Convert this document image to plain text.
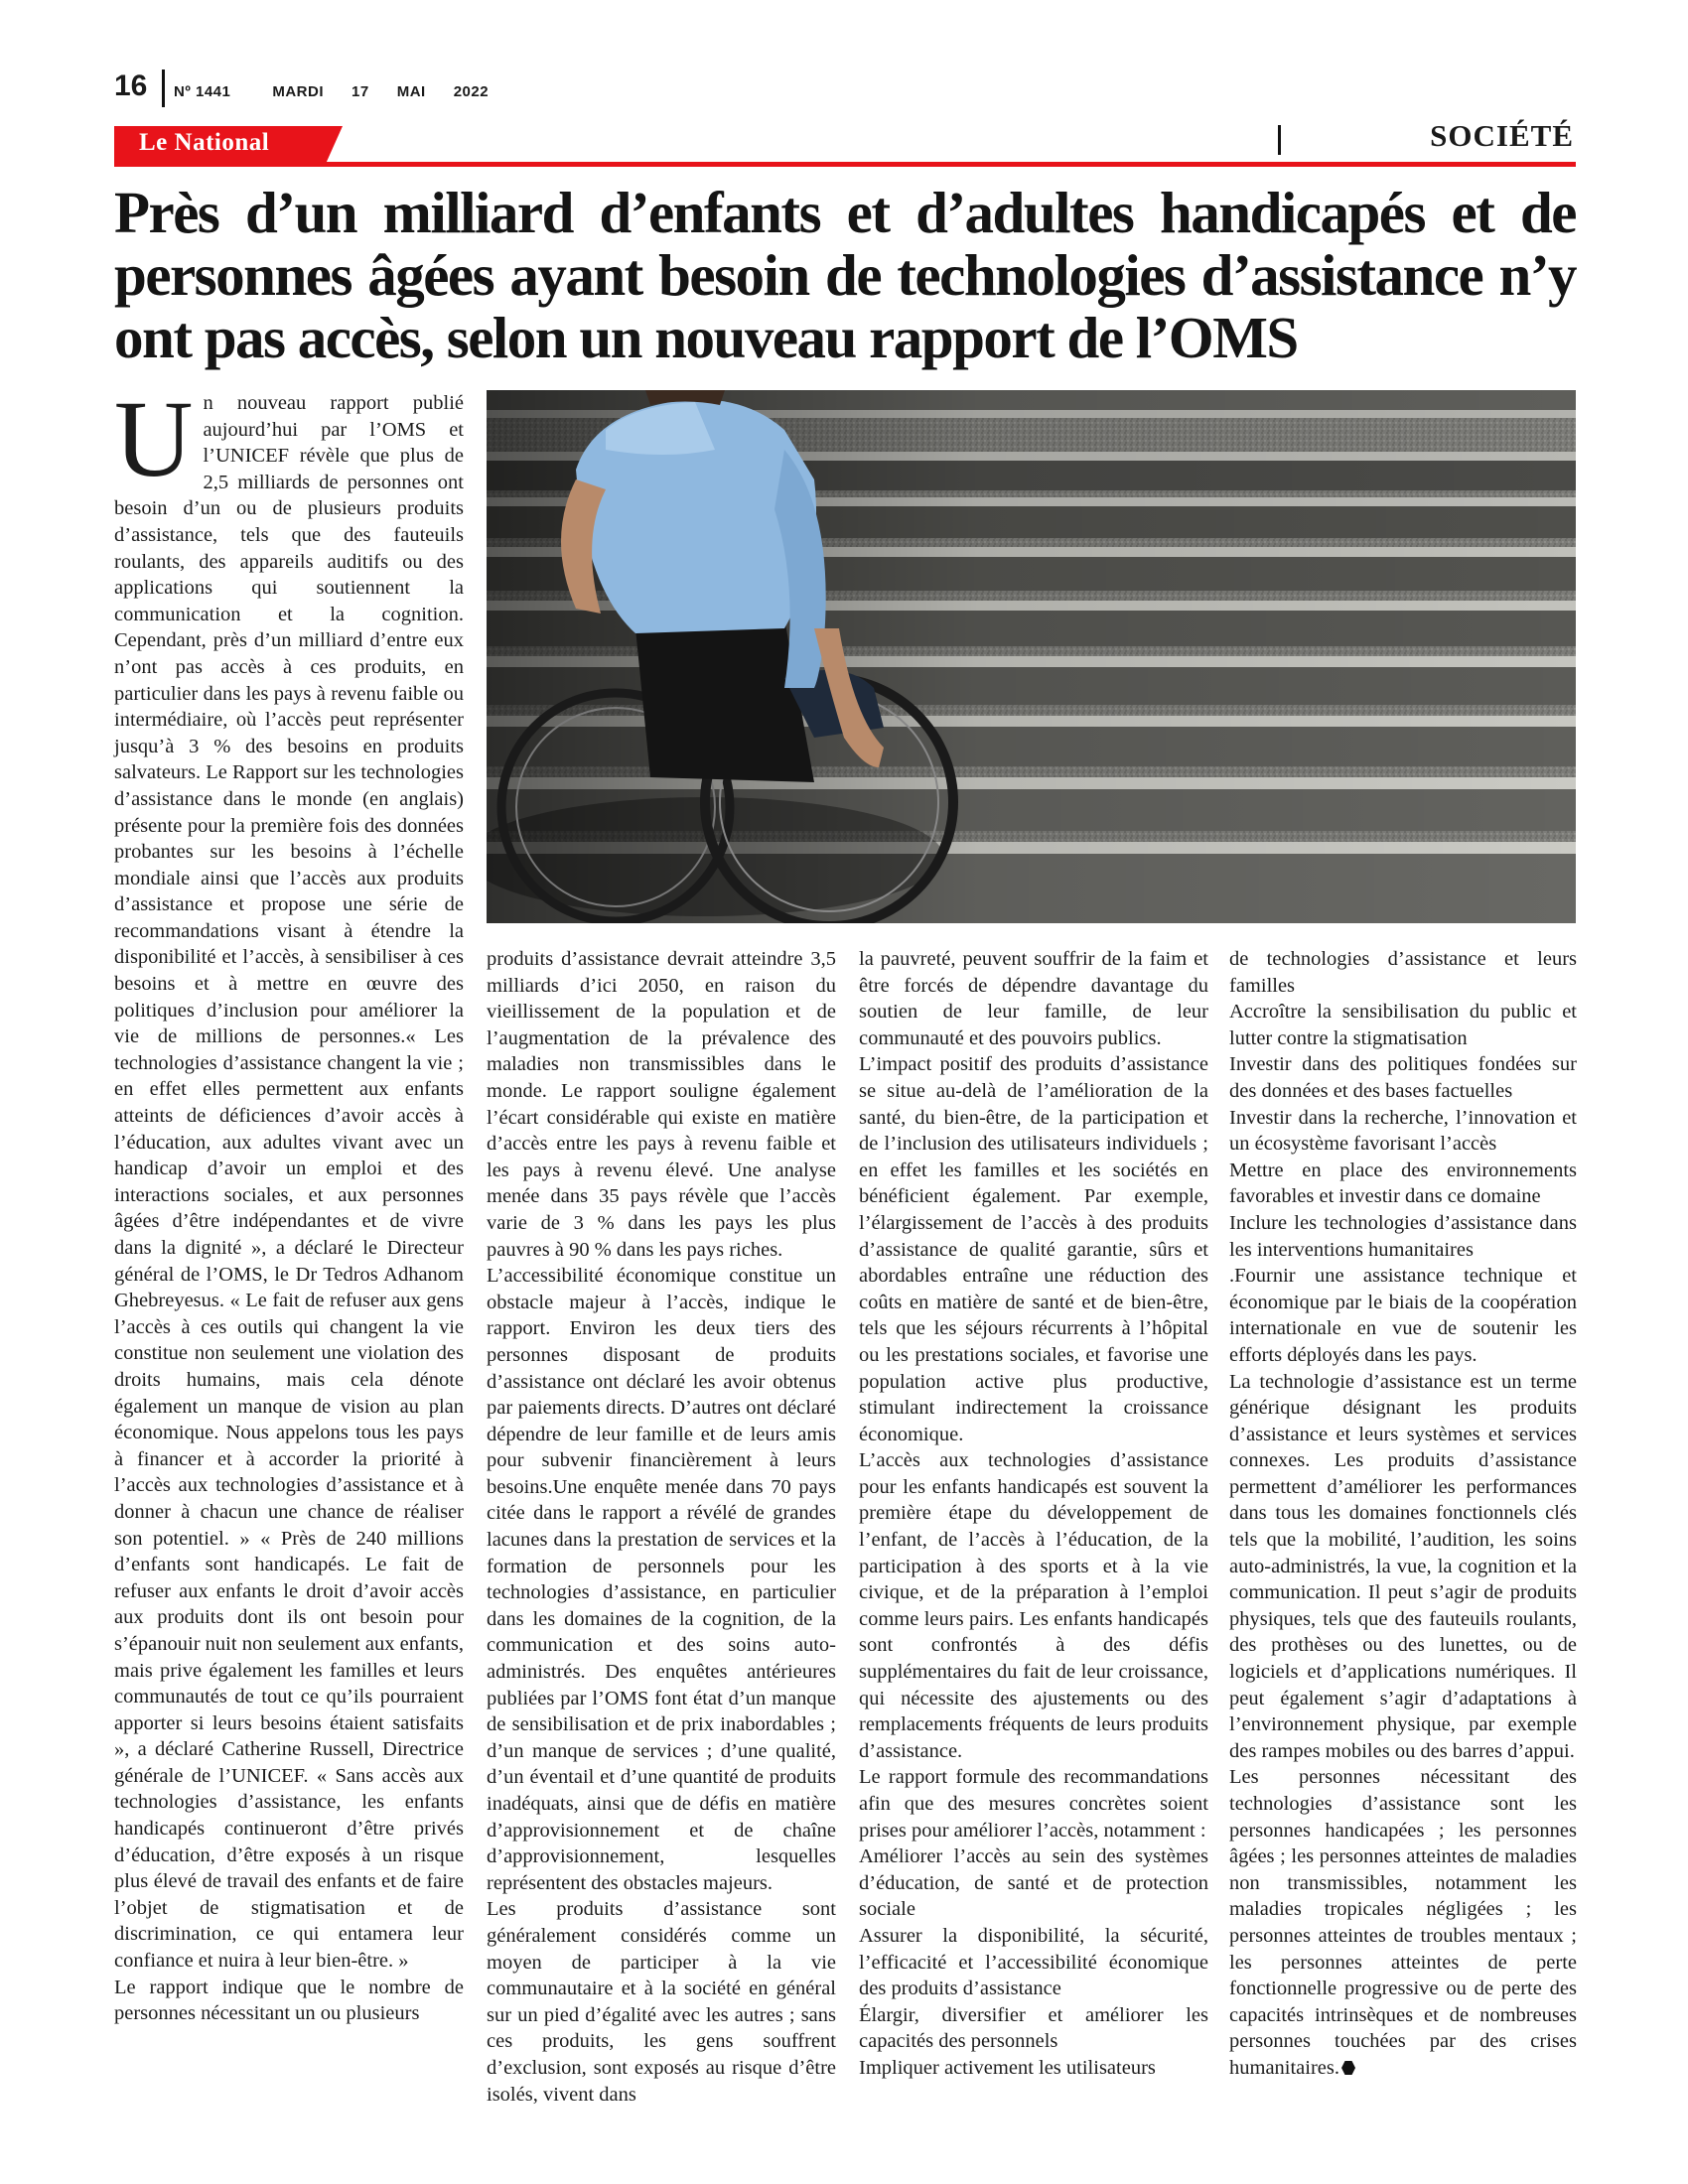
16 Nº 1441	MARDI 17 MAI 2022
Le National	SOCIÉTÉ
Près d’un milliard d’enfants et d’adultes handicapés et de personnes âgées ayant besoin de technologies d’assistance n’y ont pas accès, selon un nouveau rapport de l’OMS
U n nouveau rapport publié aujourd’hui par l’OMS et l’UNICEF révèle que plus de 2,5 milliards de personnes ont besoin d’un ou de plusieurs produits d’assistance, tels que des fauteuils roulants, des appareils auditifs ou des applications qui soutiennent la communication et la cognition. Cependant, près d’un milliard d’entre eux n’ont pas accès à ces produits, en particulier dans les pays à revenu faible ou intermédiaire, où l’accès peut représenter jusqu’à 3 % des besoins en produits salvateurs. Le Rapport sur les technologies d’assistance dans le monde (en anglais) présente pour la première fois des données probantes sur les besoins à l’échelle mondiale ainsi que l’accès aux produits d’assistance et propose une série de recommandations visant à étendre la disponibilité et l’accès, à sensibiliser à ces besoins et à mettre en œuvre des politiques d’inclusion pour améliorer la vie de millions de personnes.« Les technologies d’assistance changent la vie ; en effet elles permettent aux enfants atteints de déficiences d’avoir accès à l’éducation, aux adultes vivant avec un handicap d’avoir un emploi et des interactions sociales, et aux personnes âgées d’être indépendantes et de vivre dans la dignité », a déclaré le Directeur général de l’OMS, le Dr Tedros Adhanom Ghebreyesus. « Le fait de refuser aux gens l’accès à ces outils qui changent la vie constitue non seulement une violation des droits humains, mais cela dénote également un manque de vision au plan économique. Nous appelons tous les pays à financer et à accorder la priorité à l’accès aux technologies d’assistance et à donner à chacun une chance de réaliser son potentiel. » « Près de 240 millions d’enfants sont handicapés. Le fait de refuser aux enfants le droit d’avoir accès aux produits dont ils ont besoin pour s’épanouir nuit non seulement aux enfants, mais prive également les familles et leurs communautés de tout ce qu’ils pourraient apporter si leurs besoins étaient satisfaits », a déclaré Catherine Russell, Directrice générale de l’UNICEF. « Sans accès aux technologies d’assistance, les enfants handicapés continueront d’être privés d’éducation, d’être exposés à un risque plus élevé de travail des enfants et de faire l’objet de stigmatisation et de discrimination, ce qui entamera leur confiance et nuira à leur bien-être. »

Le rapport indique que le nombre de personnes nécessitant un ou plusieurs

produits d’assistance devrait atteindre 3,5 milliards d’ici 2050, en raison du vieillissement de la population et de l’augmentation de la prévalence des maladies non transmissibles dans le monde. Le rapport souligne également l’écart considérable qui existe en matière d’accès entre les pays à revenu faible et les pays à revenu élevé. Une analyse menée dans 35 pays révèle que l’accès varie de 3 % dans les pays les plus pauvres à 90 % dans les pays riches.

L’accessibilité économique constitue un obstacle majeur à l’accès, indique le rapport. Environ les deux tiers des personnes disposant de produits d’assistance ont déclaré les avoir obtenus par paiements directs. D’autres ont déclaré dépendre de leur famille et de leurs amis pour subvenir financièrement à leurs besoins.Une enquête menée dans 70 pays citée dans le rapport a révélé de grandes lacunes dans la prestation de services et la formation de personnels pour les technologies d’assistance, en particulier dans les domaines de la cognition, de la communication et des soins auto-administrés. Des enquêtes antérieures publiées par l’OMS font état d’un manque de sensibilisation et de prix inabordables ; d’un manque de services ; d’une qualité, d’un éventail et d’une quantité de produits inadéquats, ainsi que de défis en matière d’approvisionnement et de chaîne d’approvisionnement, lesquelles représentent des obstacles majeurs.

Les produits d’assistance sont généralement considérés comme un moyen de participer à la vie communautaire et à la société en général sur un pied d’égalité avec les autres ; sans ces produits, les gens souffrent d’exclusion, sont exposés au risque d’être isolés, vivent dans

la pauvreté, peuvent souffrir de la faim et être forcés de dépendre davantage du soutien de leur famille, de leur communauté et des pouvoirs publics.

L’impact positif des produits d’assistance se situe au-delà de l’amélioration de la santé, du bien-être, de la participation et de l’inclusion des utilisateurs individuels ; en effet les familles et les sociétés en bénéficient également. Par exemple, l’élargissement de l’accès à des produits d’assistance de qualité garantie, sûrs et abordables entraîne une réduction des coûts en matière de santé et de bien-être, tels que les séjours récurrents à l’hôpital ou les prestations sociales, et favorise une population active plus productive, stimulant indirectement la croissance économique.

L’accès aux technologies d’assistance pour les enfants handicapés est souvent la première étape du développement de l’enfant, de l’accès à l’éducation, de la participation à des sports et à la vie civique, et de la préparation à l’emploi comme leurs pairs. Les enfants handicapés sont confrontés à des défis supplémentaires du fait de leur croissance, qui nécessite des ajustements ou des remplacements fréquents de leurs produits d’assistance.

Le rapport formule des recommandations afin que des mesures concrètes soient prises pour améliorer l’accès, notamment :

Améliorer l’accès au sein des systèmes d’éducation, de santé et de protection sociale

Assurer la disponibilité, la sécurité, l’efficacité et l’accessibilité économique des produits d’assistance

Élargir, diversifier et améliorer les capacités des personnels

Impliquer activement les utilisateurs

de technologies d’assistance et leurs familles

Accroître la sensibilisation du public et lutter contre la stigmatisation

Investir dans des politiques fondées sur des données et des bases factuelles

Investir dans la recherche, l’innovation et un écosystème favorisant l’accès

Mettre en place des environnements favorables et investir dans ce domaine

Inclure les technologies d’assistance dans les interventions humanitaires

.Fournir une assistance technique et économique par le biais de la coopération internationale en vue de soutenir les efforts déployés dans les pays.

La technologie d’assistance est un terme générique désignant les produits d’assistance et leurs systèmes et services connexes. Les produits d’assistance permettent d’améliorer les performances dans tous les domaines fonctionnels clés tels que la mobilité, l’audition, les soins auto-administrés, la vue, la cognition et la communication. Il peut s’agir de produits physiques, tels que des fauteuils roulants, des prothèses ou des lunettes, ou de logiciels et d’applications numériques. Il peut également s’agir d’adaptations à l’environnement physique, par exemple des rampes mobiles ou des barres d’appui.

Les personnes nécessitant des technologies d’assistance sont les personnes handicapées ; les personnes âgées ; les personnes atteintes de maladies non transmissibles, notamment les maladies tropicales négligées ; les personnes atteintes de troubles mentaux ; les personnes atteintes de perte fonctionnelle progressive ou de perte des capacités intrinsèques et de nombreuses personnes touchées par des crises humanitaires.
